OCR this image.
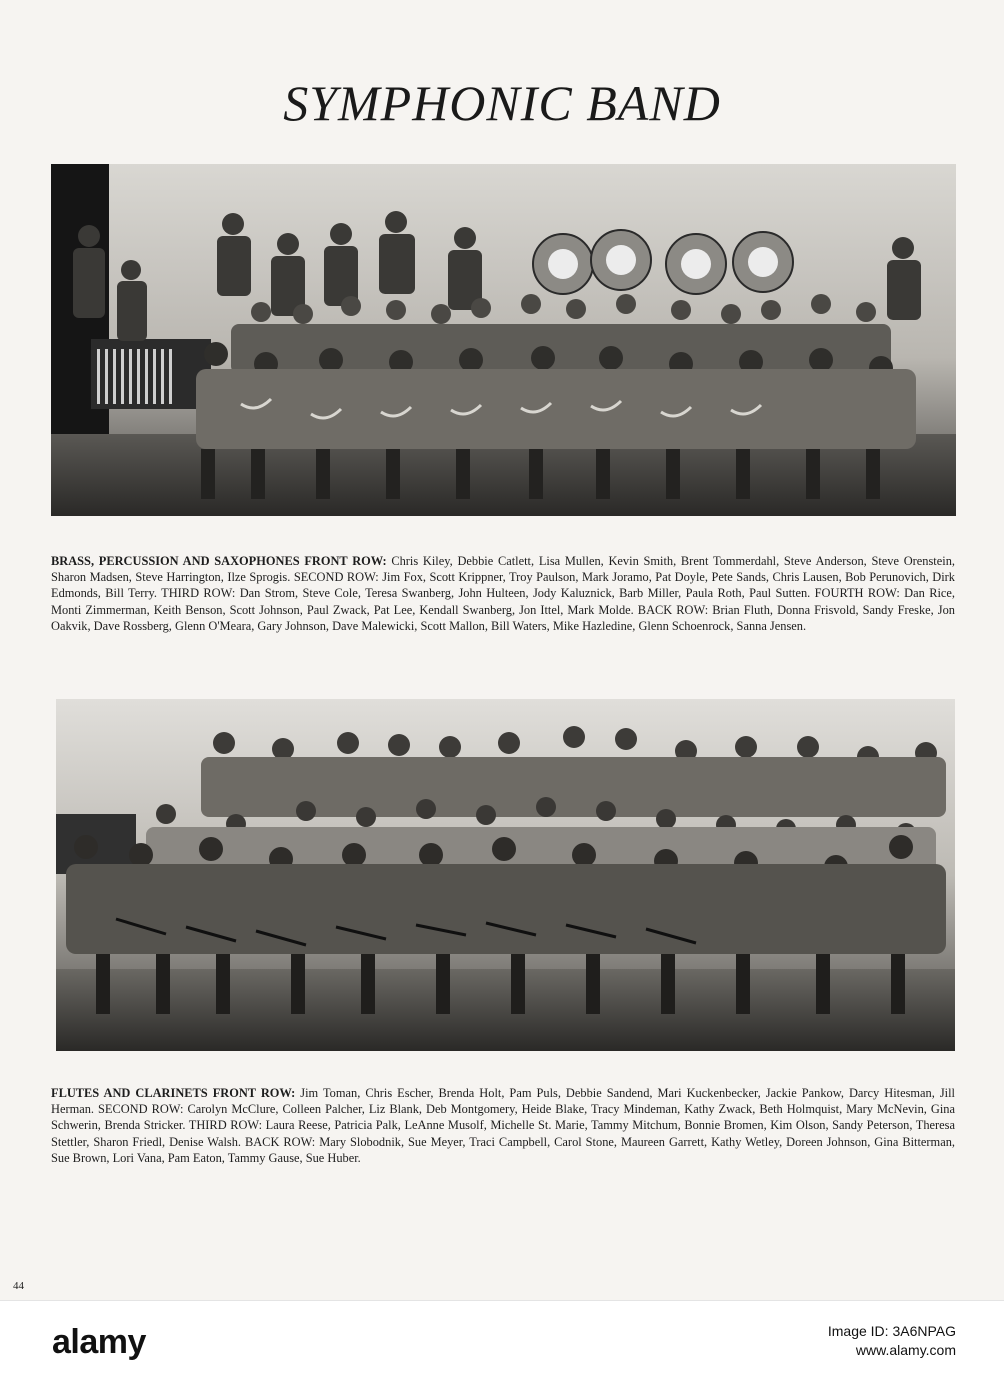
SYMPHONIC BAND

BRASS, PERCUSSION AND SAXOPHONES FRONT ROW: Chris Kiley, Debbie Catlett, Lisa Mullen, Kevin Smith, Brent Tommerdahl, Steve Anderson, Steve Orenstein, Sharon Madsen, Steve Harrington, Ilze Sprogis. SECOND ROW: Jim Fox, Scott Krippner, Troy Paulson, Mark Joramo, Pat Doyle, Pete Sands, Chris Lausen, Bob Perunovich, Dirk Edmonds, Bill Terry. THIRD ROW: Dan Strom, Steve Cole, Teresa Swanberg, John Hulteen, Jody Kaluznick, Barb Miller, Paula Roth, Paul Sutten. FOURTH ROW: Dan Rice, Monti Zimmerman, Keith Benson, Scott Johnson, Paul Zwack, Pat Lee, Kendall Swanberg, Jon Ittel, Mark Molde. BACK ROW: Brian Fluth, Donna Frisvold, Sandy Freske, Jon Oakvik, Dave Rossberg, Glenn O'Meara, Gary Johnson, Dave Malewicki, Scott Mallon, Bill Waters, Mike Hazledine, Glenn Schoenrock, Sanna Jensen.

FLUTES AND CLARINETS FRONT ROW: Jim Toman, Chris Escher, Brenda Holt, Pam Puls, Debbie Sandend, Mari Kuckenbecker, Jackie Pankow, Darcy Hitesman, Jill Herman. SECOND ROW: Carolyn McClure, Colleen Palcher, Liz Blank, Deb Montgomery, Heide Blake, Tracy Mindeman, Kathy Zwack, Beth Holmquist, Mary McNevin, Gina Schwerin, Brenda Stricker. THIRD ROW: Laura Reese, Patricia Palk, LeAnne Musolf, Michelle St. Marie, Tammy Mitchum, Bonnie Bromen, Kim Olson, Sandy Peterson, Theresa Stettler, Sharon Friedl, Denise Walsh. BACK ROW: Mary Slobodnik, Sue Meyer, Traci Campbell, Carol Stone, Maureen Garrett, Kathy Wetley, Doreen Johnson, Gina Bitterman, Sue Brown, Lori Vana, Pam Eaton, Tammy Gause, Sue Huber.

44
alamy	Image ID: 3A6NPAG
www.alamy.com
